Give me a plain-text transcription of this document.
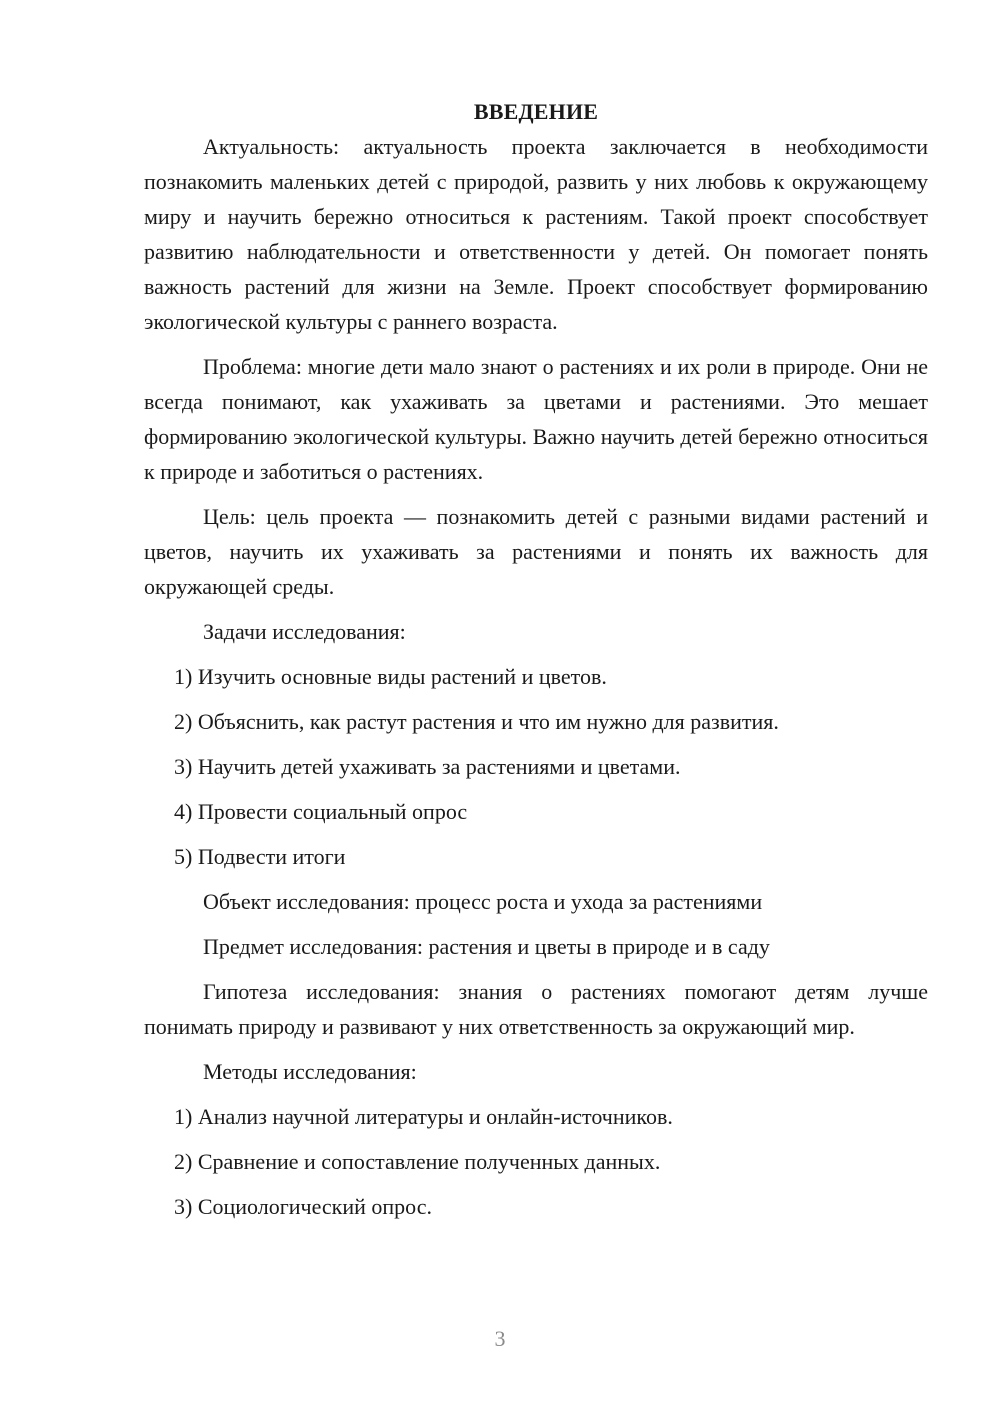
ВВЕДЕНИЕ

Актуальность: актуальность проекта заключается в необходимости познакомить маленьких детей с природой, развить у них любовь к окружающему миру и научить бережно относиться к растениям. Такой проект способствует развитию наблюдательности и ответственности у детей. Он помогает понять важность растений для жизни на Земле. Проект способствует формированию экологической культуры с раннего возраста.

Проблема: многие дети мало знают о растениях и их роли в природе. Они не всегда понимают, как ухаживать за цветами и растениями. Это мешает формированию экологической культуры. Важно научить детей бережно относиться к природе и заботиться о растениях.

Цель: цель проекта — познакомить детей с разными видами растений и цветов, научить их ухаживать за растениями и понять их важность для окружающей среды.

Задачи исследования:

1) Изучить основные виды растений и цветов.
2) Объяснить, как растут растения и что им нужно для развития.
3) Научить детей ухаживать за растениями и цветами.
4) Провести социальный опрос
5) Подвести итоги

Объект исследования: процесс роста и ухода за растениями

Предмет исследования: растения и цветы в природе и в саду

Гипотеза исследования: знания о растениях помогают детям лучше понимать природу и развивают у них ответственность за окружающий мир.

Методы исследования:

1) Анализ научной литературы и онлайн-источников.
2) Сравнение и сопоставление полученных данных.
3) Социологический опрос.
3
